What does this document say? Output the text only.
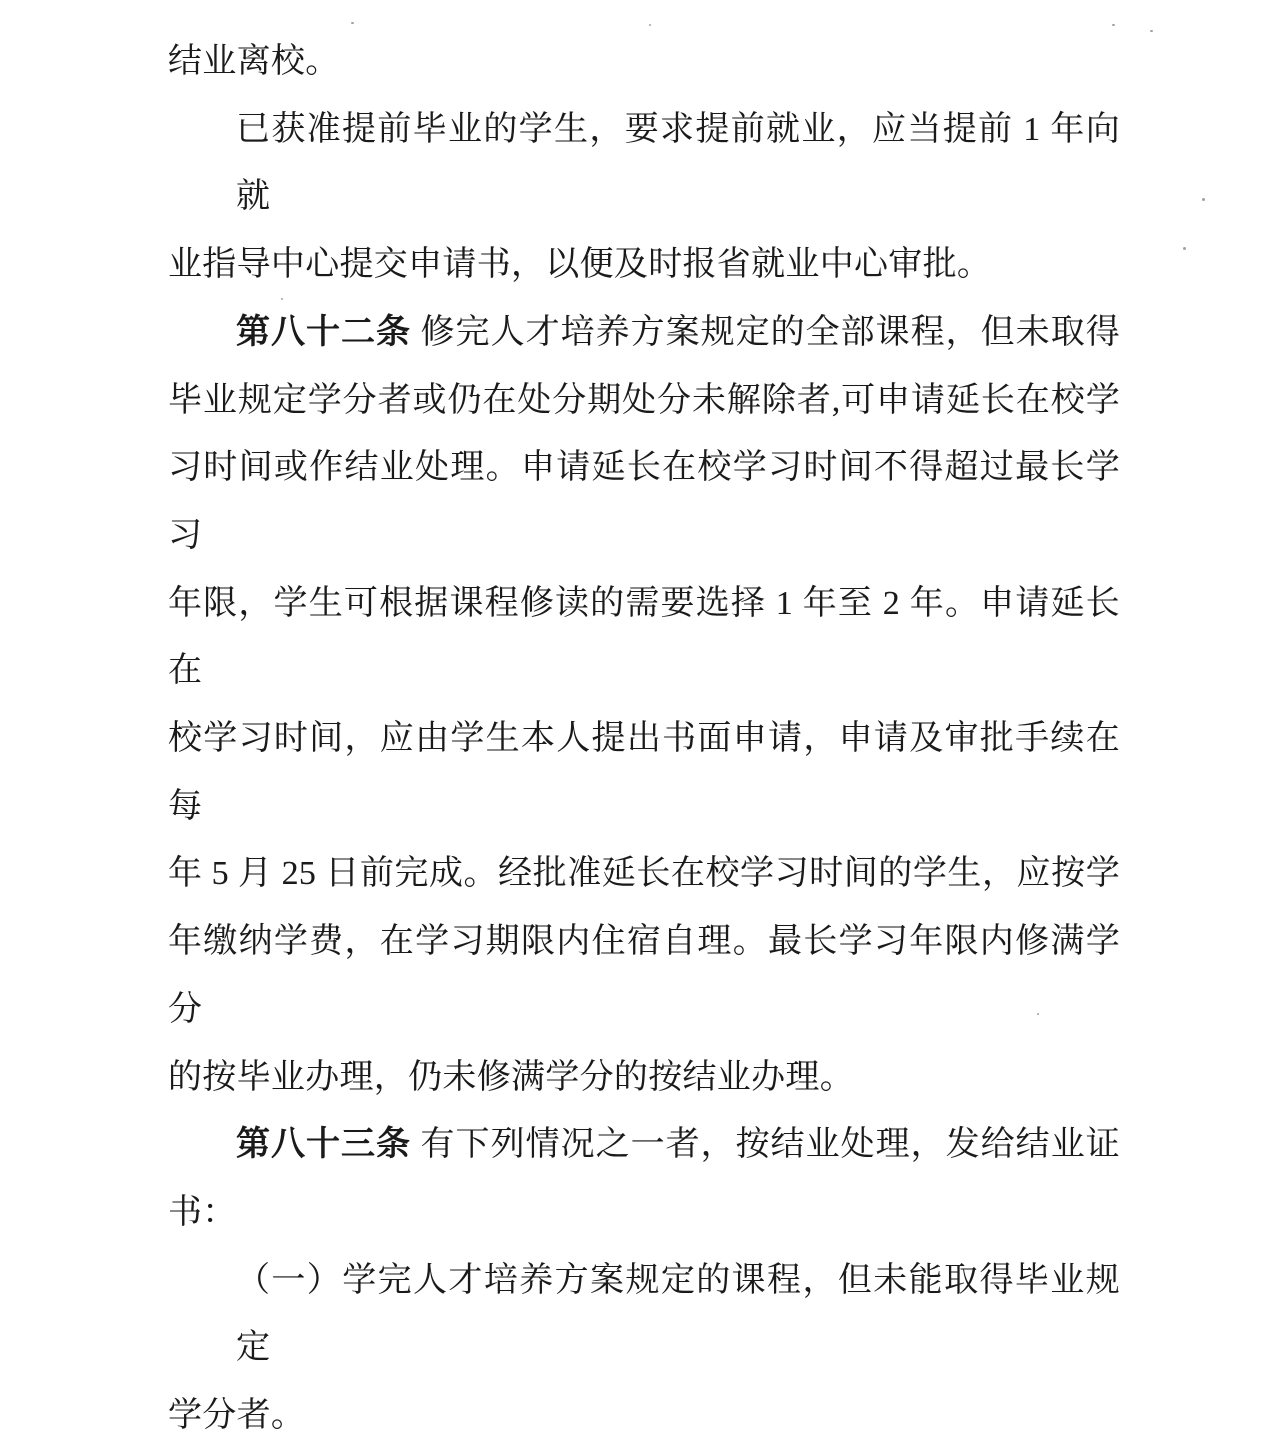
结业离校。
已获准提前毕业的学生，要求提前就业，应当提前 1 年向就
业指导中心提交申请书，以便及时报省就业中心审批。
第八十二条 修完人才培养方案规定的全部课程，但未取得
毕业规定学分者或仍在处分期处分未解除者,可申请延长在校学
习时间或作结业处理。申请延长在校学习时间不得超过最长学习
年限，学生可根据课程修读的需要选择 1 年至 2 年。申请延长在
校学习时间，应由学生本人提出书面申请，申请及审批手续在每
年 5 月 25 日前完成。经批准延长在校学习时间的学生，应按学
年缴纳学费，在学习期限内住宿自理。最长学习年限内修满学分
的按毕业办理，仍未修满学分的按结业办理。
第八十三条 有下列情况之一者，按结业处理，发给结业证
书：
（一）学完人才培养方案规定的课程，但未能取得毕业规定
学分者。
